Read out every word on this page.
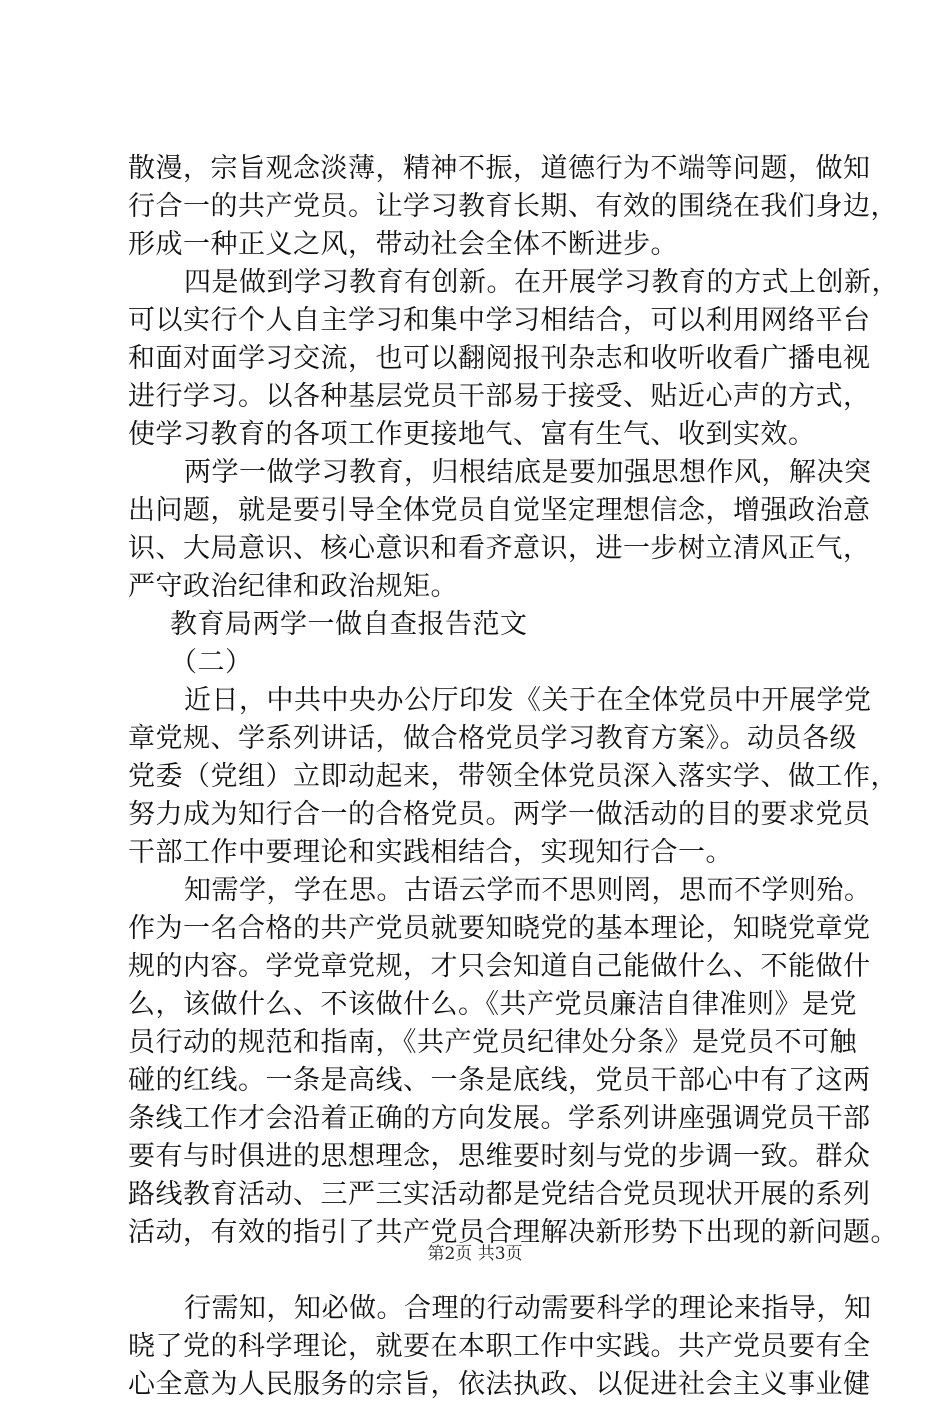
散漫，宗旨观念淡薄，精神不振，道德行为不端等问题，做知
行合一的共产党员。让学习教育长期、有效的围绕在我们身边，
形成一种正义之风，带动社会全体不断进步。
四是做到学习教育有创新。在开展学习教育的方式上创新，
可以实行个人自主学习和集中学习相结合，可以利用网络平台
和面对面学习交流，也可以翻阅报刊杂志和收听收看广播电视
进行学习。以各种基层党员干部易于接受、贴近心声的方式，
使学习教育的各项工作更接地气、富有生气、收到实效。
两学一做学习教育，归根结底是要加强思想作风，解决突
出问题，就是要引导全体党员自觉坚定理想信念，增强政治意
识、大局意识、核心意识和看齐意识，进一步树立清风正气，
严守政治纪律和政治规矩。
教育局两学一做自查报告范文
（二）
近日，中共中央办公厅印发《关于在全体党员中开展学党
章党规、学系列讲话，做合格党员学习教育方案》。动员各级
党委（党组）立即动起来，带领全体党员深入落实学、做工作，
努力成为知行合一的合格党员。两学一做活动的目的要求党员
干部工作中要理论和实践相结合，实现知行合一。
知需学，学在思。古语云学而不思则罔，思而不学则殆。
作为一名合格的共产党员就要知晓党的基本理论，知晓党章党
规的内容。学党章党规，才只会知道自己能做什么、不能做什
么，该做什么、不该做什么。《共产党员廉洁自律准则》是党
员行动的规范和指南，《共产党员纪律处分条》是党员不可触
碰的红线。一条是高线、一条是底线，党员干部心中有了这两
条线工作才会沿着正确的方向发展。学系列讲座强调党员干部
要有与时俱进的思想理念，思维要时刻与党的步调一致。群众
路线教育活动、三严三实活动都是党结合党员现状开展的系列
活动，有效的指引了共产党员合理解决新形势下出现的新问题。
行需知，知必做。合理的行动需要科学的理论来指导，知
晓了党的科学理论，就要在本职工作中实践。共产党员要有全
心全意为人民服务的宗旨，依法执政、以促进社会主义事业健
第2页 共3页
